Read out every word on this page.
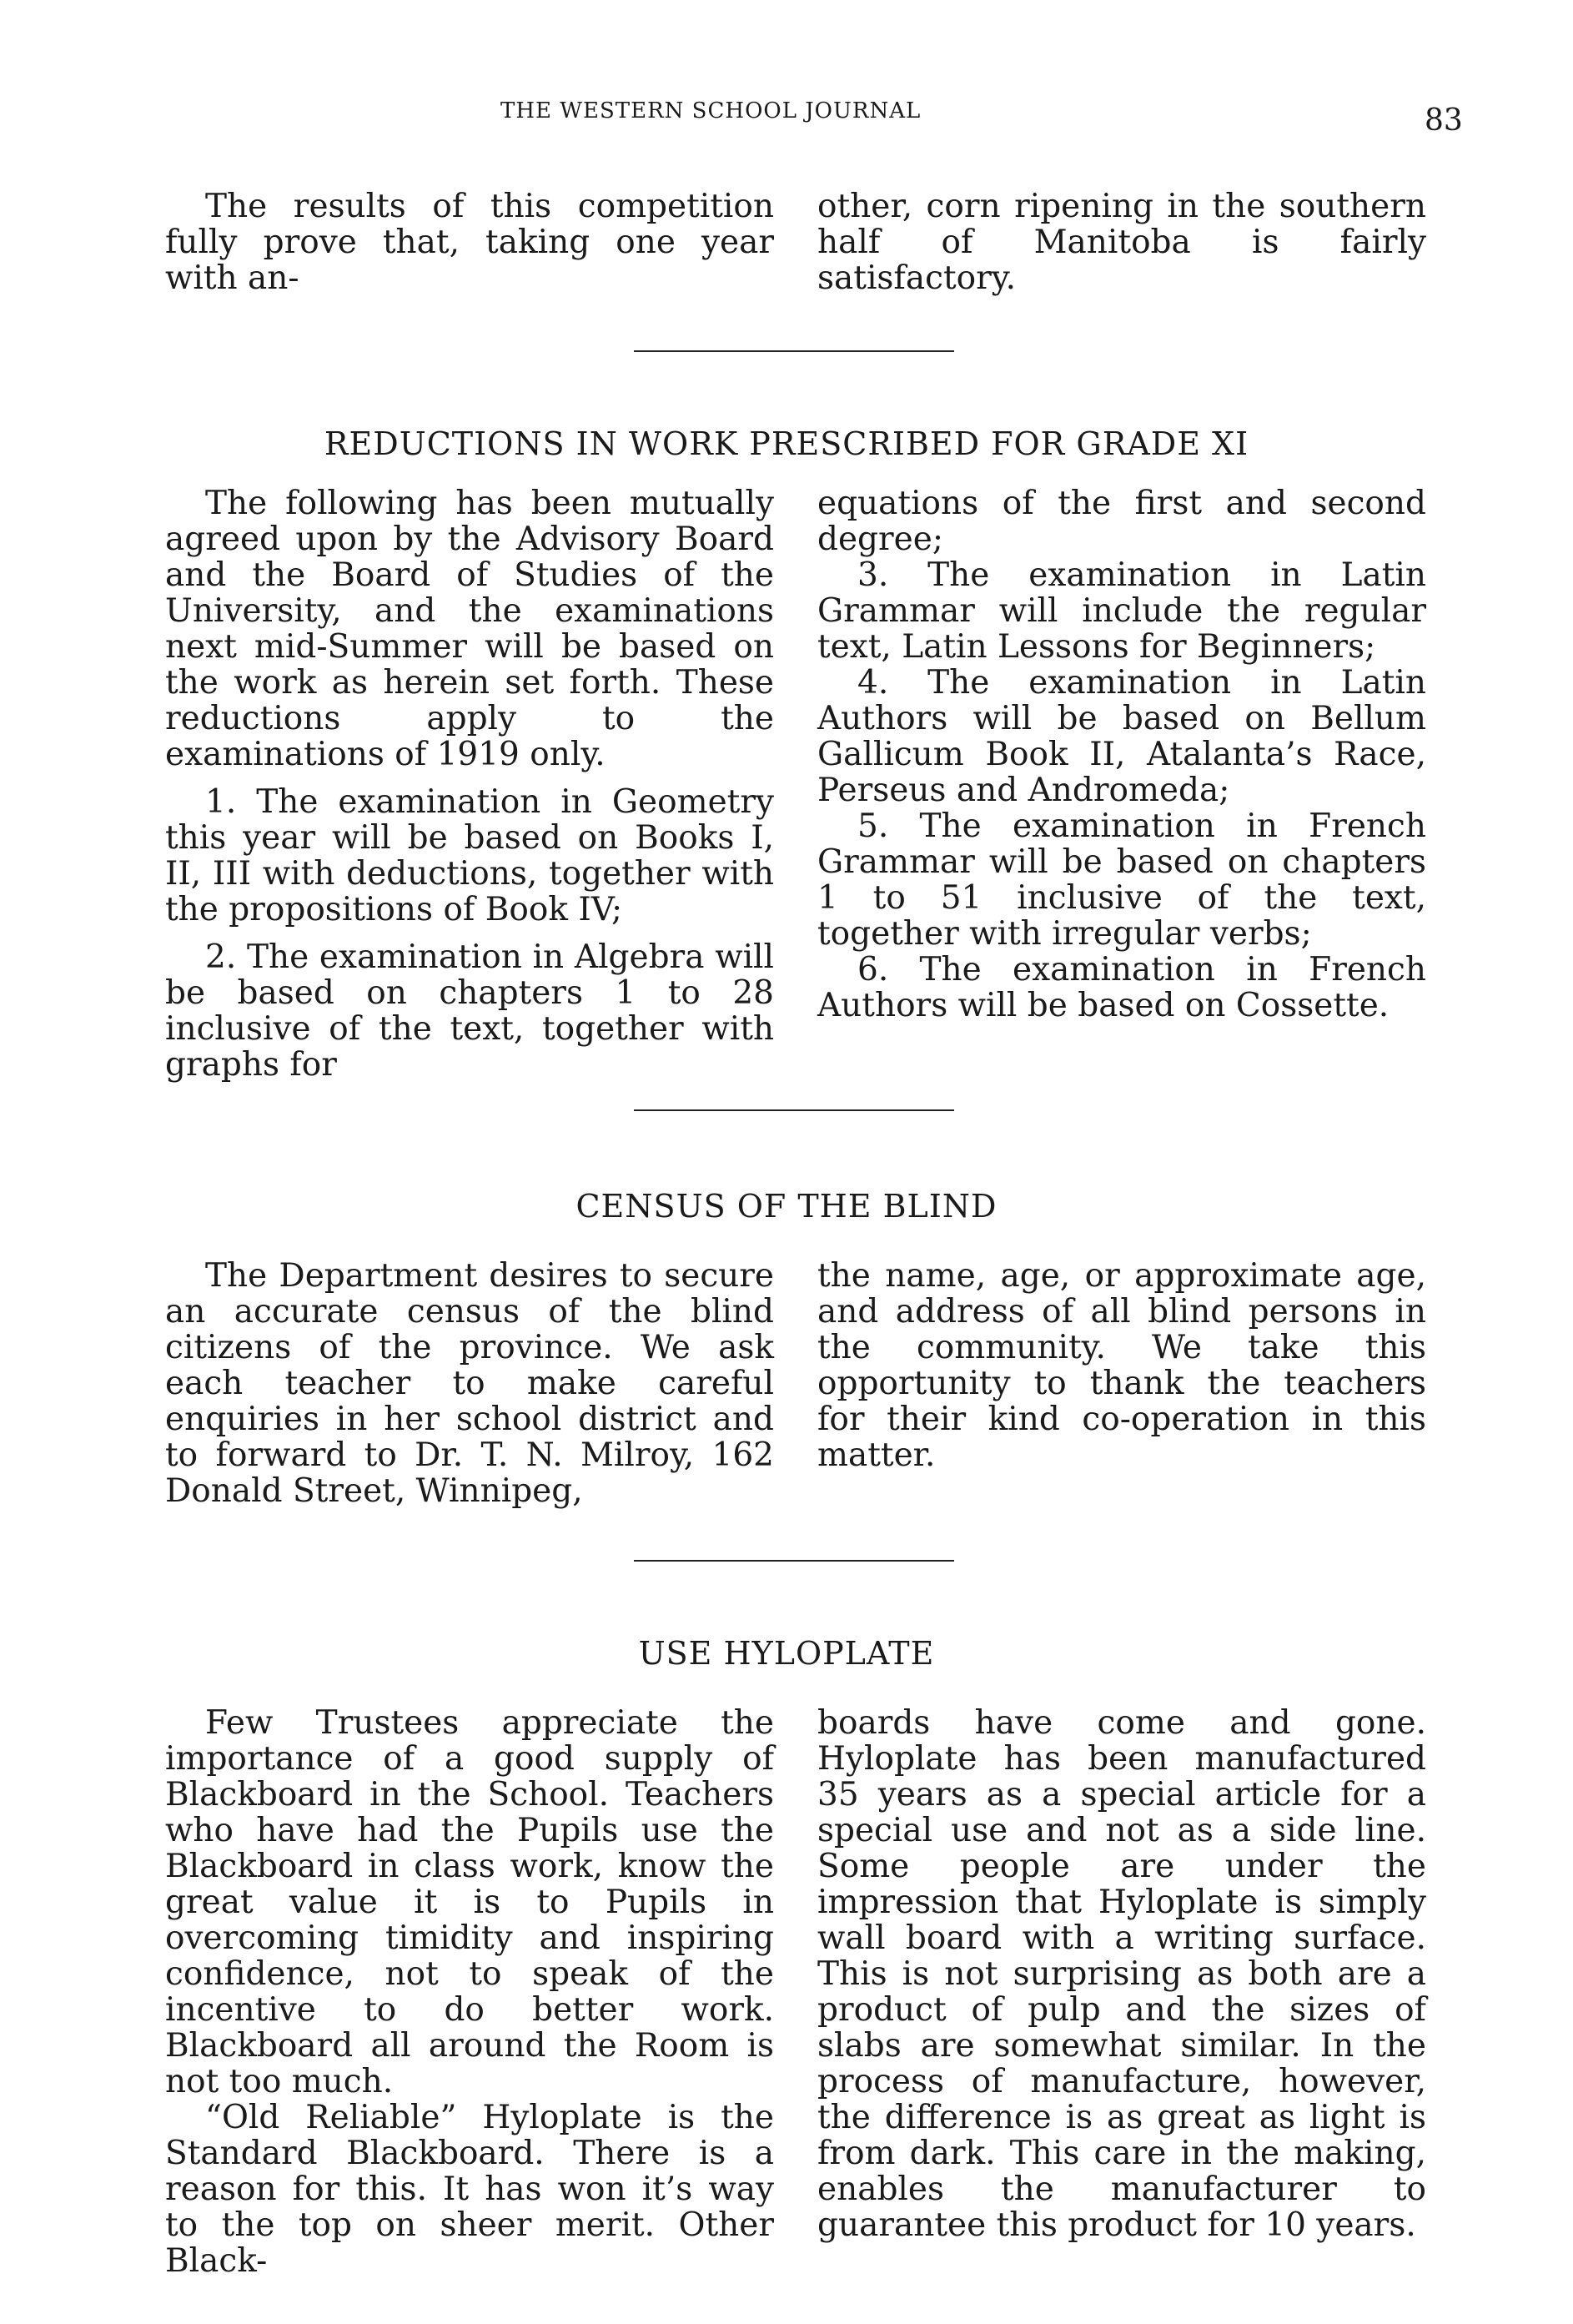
THE WESTERN SCHOOL JOURNAL	83

The results of this competition fully prove that, taking one year with an-

other, corn ripening in the southern half of Manitoba is fairly satisfactory.

REDUCTIONS IN WORK PRESCRIBED FOR GRADE XI

The following has been mutually agreed upon by the Advisory Board and the Board of Studies of the University, and the examinations next mid-Summer will be based on the work as herein set forth. These reductions apply to the examinations of 1919 only.

1. The examination in Geometry this year will be based on Books I, II, III with deductions, together with the propositions of Book IV;

2. The examination in Algebra will be based on chapters 1 to 28 inclusive of the text, together with graphs for

equations of the first and second degree;

3. The examination in Latin Grammar will include the regular text, Latin Lessons for Beginners;

4. The examination in Latin Authors will be based on Bellum Gallicum Book II, Atalanta’s Race, Perseus and Andromeda;

5. The examination in French Grammar will be based on chapters 1 to 51 inclusive of the text, together with irregular verbs;

6. The examination in French Authors will be based on Cossette.

CENSUS OF THE BLIND

The Department desires to secure an accurate census of the blind citizens of the province. We ask each teacher to make careful enquiries in her school district and to forward to Dr. T. N. Milroy, 162 Donald Street, Winnipeg,

the name, age, or approximate age, and address of all blind persons in the community. We take this opportunity to thank the teachers for their kind co-operation in this matter.

USE HYLOPLATE

Few Trustees appreciate the importance of a good supply of Blackboard in the School. Teachers who have had the Pupils use the Blackboard in class work, know the great value it is to Pupils in overcoming timidity and inspiring confidence, not to speak of the incentive to do better work. Blackboard all around the Room is not too much.

“Old Reliable” Hyloplate is the Standard Blackboard. There is a reason for this. It has won it’s way to the top on sheer merit. Other Black-

boards have come and gone. Hyloplate has been manufactured 35 years as a special article for a special use and not as a side line. Some people are under the impression that Hyloplate is simply wall board with a writing surface. This is not surprising as both are a product of pulp and the sizes of slabs are somewhat similar. In the process of manufacture, however, the difference is as great as light is from dark. This care in the making, enables the manufacturer to guarantee this product for 10 years.
